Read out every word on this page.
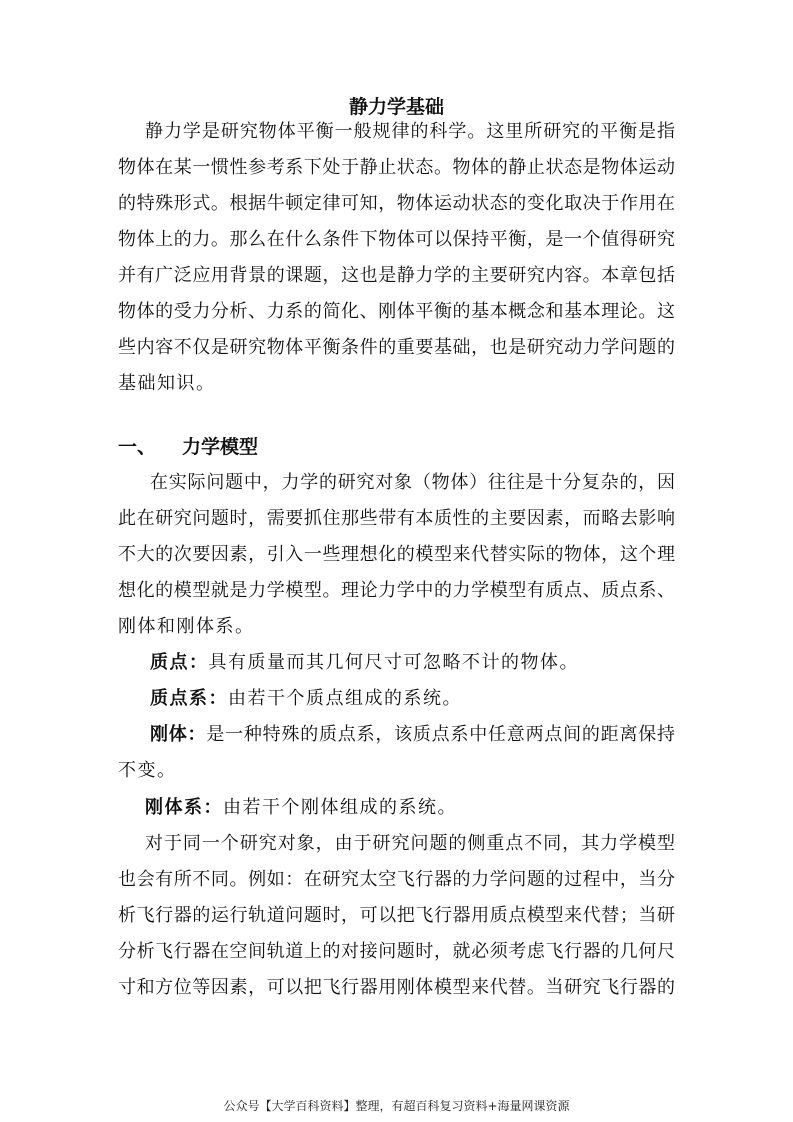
静力学基础
一、 力学模型
静力学是研究物体平衡一般规律的科学。这里所研究的平衡是指
物体在某一惯性参考系下处于静止状态。物体的静止状态是物体运动
的特殊形式。根据牛顿定律可知，物体运动状态的变化取决于作用在
物体上的力。那么在什么条件下物体可以保持平衡，是一个值得研究
并有广泛应用背景的课题，这也是静力学的主要研究内容。本章包括
物体的受力分析、力系的简化、刚体平衡的基本概念和基本理论。这
些内容不仅是研究物体平衡条件的重要基础，也是研究动力学问题的
基础知识。
在实际问题中，力学的研究对象（物体）往往是十分复杂的，因
此在研究问题时，需要抓住那些带有本质性的主要因素，而略去影响
不大的次要因素，引入一些理想化的模型来代替实际的物体，这个理
想化的模型就是力学模型。理论力学中的力学模型有质点、质点系、
刚体和刚体系。
质点：具有质量而其几何尺寸可忽略不计的物体。
质点系：由若干个质点组成的系统。
刚体：是一种特殊的质点系，该质点系中任意两点间的距离保持
不变。
刚体系：由若干个刚体组成的系统。
对于同一个研究对象，由于研究问题的侧重点不同，其力学模型
也会有所不同。例如：在研究太空飞行器的力学问题的过程中，当分
析飞行器的运行轨道问题时，可以把飞行器用质点模型来代替；当研
分析飞行器在空间轨道上的对接问题时，就必须考虑飞行器的几何尺
寸和方位等因素，可以把飞行器用刚体模型来代替。当研究飞行器的
公众号【大学百科资料】整理，有超百科复习资料+海量网课资源
